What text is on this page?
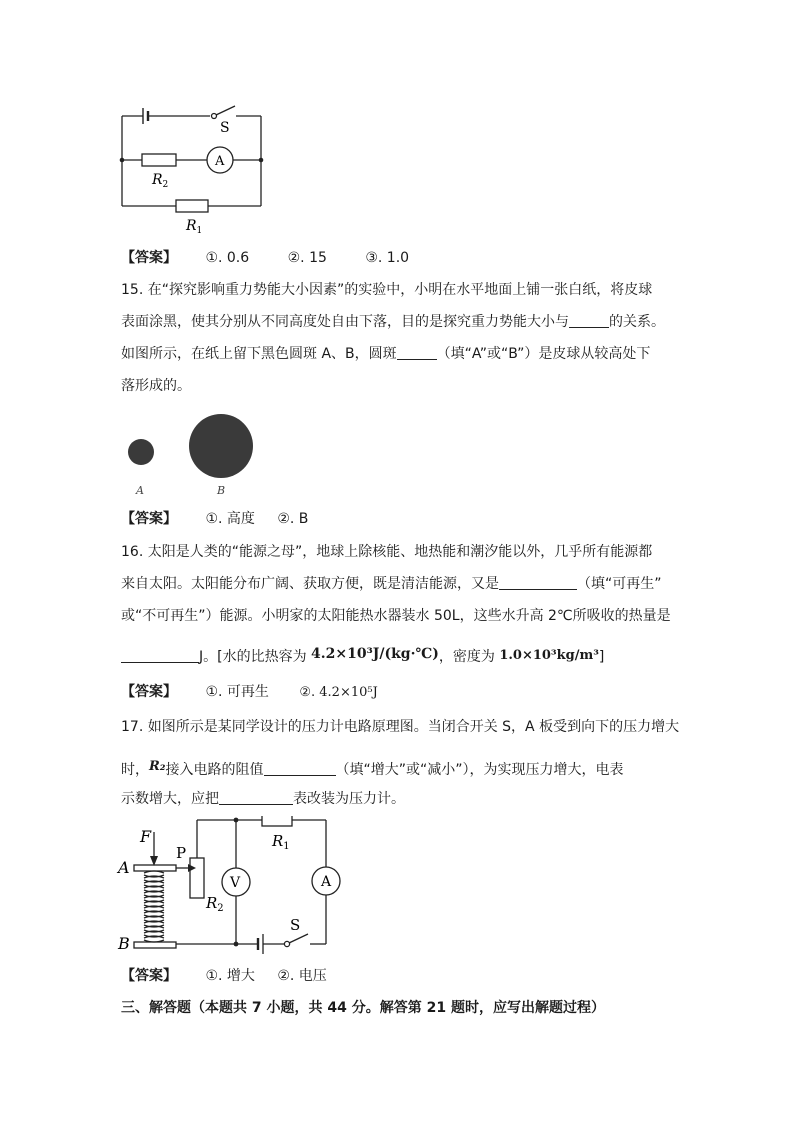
S
A
$R_2$
$R_1$
【答案】 ①. 0.6	②. 15	③. 1.0
15. 在“探究影响重力势能大小因素”的实验中，小明在水平地面上铺一张白纸，将皮球
表面涂黑，使其分别从不同高度处自由下落，目的是探究重力势能大小与	的关系。
如图所示，在纸上留下黑色圆斑 A、B，圆斑	（填“A”或“B”）是皮球从较高处下
落形成的。
A	B
【答案】 ①. 高度 ②. B
16. 太阳是人类的“能源之母”，地球上除核能、地热能和潮汐能以外，几乎所有能源都
来自太阳。太阳能分布广阔、获取方便，既是清洁能源，又是	（填“可再生”
或“不可再生”）能源。小明家的太阳能热水器装水 50L，这些水升高 2℃所吸收的热量是
J。[水的比热容为 4.2×10³J/(kg·℃)，密度为 1.0×10³kg/m³]
【答案】 ①. 可再生 ②. 4.2×10⁵J
17. 如图所示是某同学设计的压力计电路原理图。当闭合开关 S，A 板受到向下的压力增大
时，R₂接入电路的阻值	（填“增大”或“减小”），为实现压力增大，电表
示数增大，应把	表改装为压力计。
F
A
B
P
V	A
$R_1$
$R_2$
S
【答案】 ①. 增大 ②. 电压
三、解答题（本题共 7 小题，共 44 分。解答第 21 题时，应写出解题过程）
